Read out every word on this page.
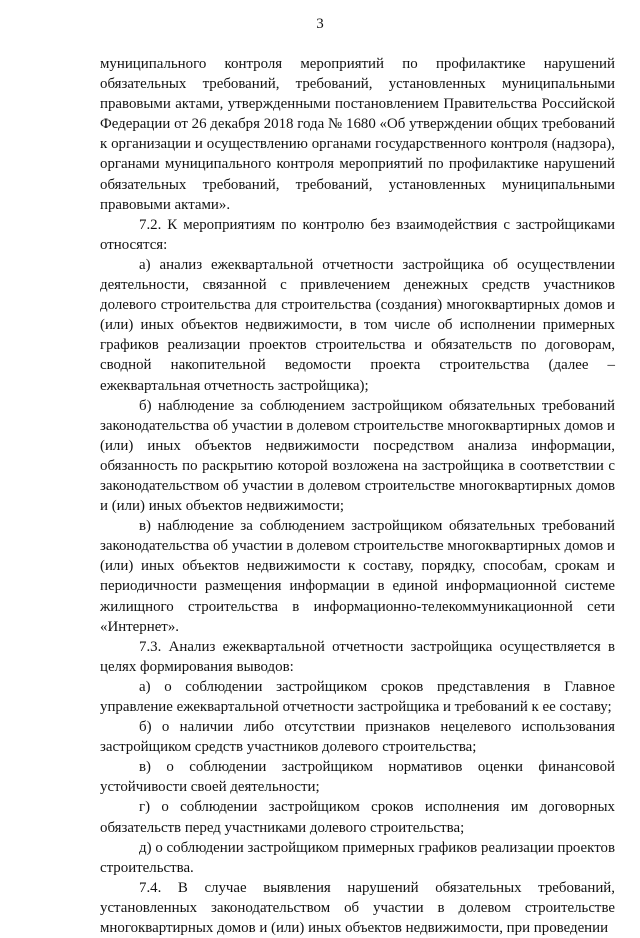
3

муниципального контроля мероприятий по профилактике нарушений обязательных требований, требований, установленных муниципальными правовыми актами, утвержденными постановлением Правительства Российской Федерации от 26 декабря 2018 года № 1680 «Об утверждении общих требований к организации и осуществлению органами государственного контроля (надзора), органами муниципального контроля мероприятий по профилактике нарушений обязательных требований, требований, установленных муниципальными правовыми актами».

7.2. К мероприятиям по контролю без взаимодействия с застройщиками относятся:

а) анализ ежеквартальной отчетности застройщика об осуществлении деятельности, связанной с привлечением денежных средств участников долевого строительства для строительства (создания) многоквартирных домов и (или) иных объектов недвижимости, в том числе об исполнении примерных графиков реализации проектов строительства и обязательств по договорам, сводной накопительной ведомости проекта строительства (далее – ежеквартальная отчетность застройщика);

б) наблюдение за соблюдением застройщиком обязательных требований законодательства об участии в долевом строительстве многоквартирных домов и (или) иных объектов недвижимости посредством анализа информации, обязанность по раскрытию которой возложена на застройщика в соответствии с законодательством об участии в долевом строительстве многоквартирных домов и (или) иных объектов недвижимости;

в) наблюдение за соблюдением застройщиком обязательных требований законодательства об участии в долевом строительстве многоквартирных домов и (или) иных объектов недвижимости к составу, порядку, способам, срокам и периодичности размещения информации в единой информационной системе жилищного строительства в информационно-телекоммуникационной сети «Интернет».

7.3. Анализ ежеквартальной отчетности застройщика осуществляется в целях формирования выводов:

а) о соблюдении застройщиком сроков представления в Главное управление ежеквартальной отчетности застройщика и требований к ее составу;

б) о наличии либо отсутствии признаков нецелевого использования застройщиком средств участников долевого строительства;

в) о соблюдении застройщиком нормативов оценки финансовой устойчивости своей деятельности;

г) о соблюдении застройщиком сроков исполнения им договорных обязательств перед участниками долевого строительства;

д) о соблюдении застройщиком примерных графиков реализации проектов строительства.

7.4. В случае выявления нарушений обязательных требований, установленных законодательством об участии в долевом строительстве многоквартирных домов и (или) иных объектов недвижимости, при проведении
